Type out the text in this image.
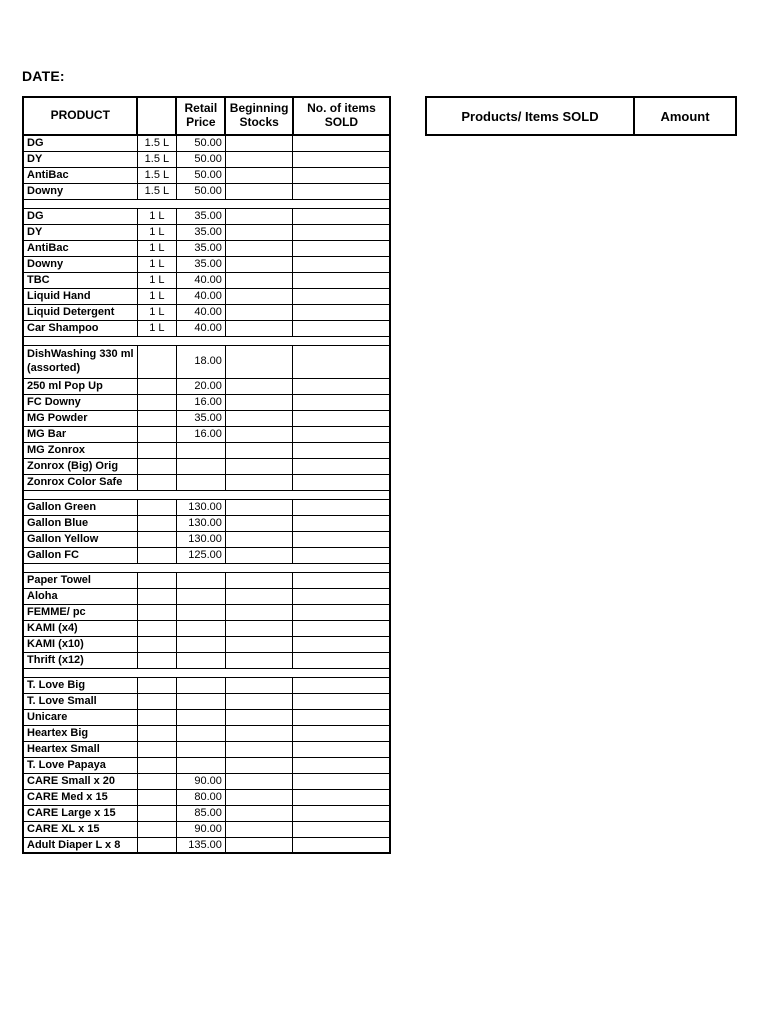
DATE:
PRODUCT		Retail Price	Beginning Stocks	No. of items SOLD
DG	1.5 L	50.00		
DY	1.5 L	50.00		
AntiBac	1.5 L	50.00		
Downy	1.5 L	50.00		

DG	1 L	35.00		
DY	1 L	35.00		
AntiBac	1 L	35.00		
Downy	1 L	35.00		
TBC	1 L	40.00		
Liquid Hand	1 L	40.00		
Liquid Detergent	1 L	40.00		
Car Shampoo	1 L	40.00		

DishWashing 330 ml (assorted)		18.00		
250 ml Pop Up		20.00		
FC Downy		16.00		
MG Powder		35.00		
MG Bar		16.00		
MG Zonrox				
Zonrox (Big) Orig				
Zonrox Color Safe				

Gallon Green		130.00		
Gallon Blue		130.00		
Gallon Yellow		130.00		
Gallon FC		125.00		

Paper Towel				
Aloha				
FEMME/ pc				
KAMI (x4)				
KAMI (x10)				
Thrift (x12)				

T. Love Big				
T. Love Small				
Unicare				
Heartex Big				
Heartex Small				
T. Love Papaya				
CARE Small x 20		90.00		
CARE Med x 15		80.00		
CARE Large x 15		85.00		
CARE XL x 15		90.00		
Adult Diaper L x 8		135.00		
Products/ Items SOLD	Amount
